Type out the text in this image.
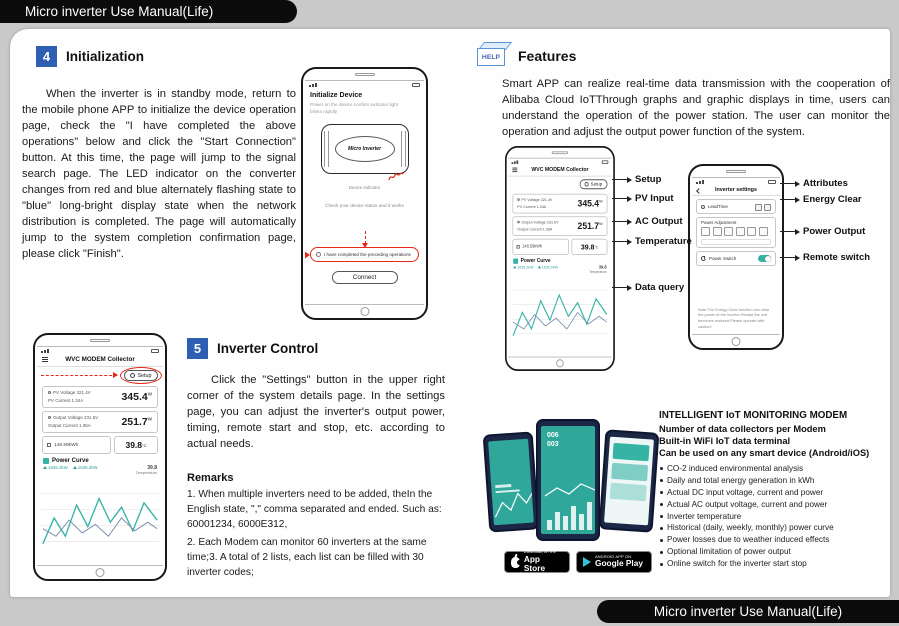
Micro inverter Use Manual(Life)
4	Initialization
When the inverter is in standby mode, return to the mobile phone APP to initialize the device operation page, check the "I have completed the above operations" below and click the "Start Connection" button. At this time, the page will jump to the signal search page. The LED indicator on the converter changes from red and blue alternately flashing state to "blue" long-bright display state when the network distribution is completed. The page will automatically jump to the system completion confirmation page, please click "Finish".
Initialize Device
Power on the device confirm indicator light blinks rapidly
Micro Inverter
Device indicator
Check your device status and it works
I have completed the preceding operations
Connect
WVC MODEM Collector
Setup
PV Voltage 321.4V
PV Current 1.34A	$345.4^W$
Output Voltage 231.6V
Output Current 1.36A	$251.7^W$
148.59kWh	39.8 °C
Power Curve
1635.2kW 1635.2kW	39.8
Temperature
5	Inverter Control
Click the "Settings" button in the upper right corner of the system details page. In the settings page, you can adjust the inverter's output power, timing, remote start and stop, etc. according to actual needs.
Remarks

1. When multiple inverters need to be added, theIn the English state, "," comma separated and ended. Such as: 60001234, 6000E312,

2. Each Modem can monitor 60 inverters at the same time;3. A total of 2 lists, each list can be filled with 30 inverter codes;

HELP	Features
Smart APP can realize real-time data transmission with the cooperation of Alibaba Cloud IoTThrough graphs and graphic displays in time, users can understand the operation of the power station. The user can monitor the operation and adjust the output power function of the system.
WVC MODEM Collector
Setup
PV Voltage 321.4V
PV Current 1.34A	$345.4^W$
Output Voltage 231.6V
Output Current 1.36A	$251.7^W$
148.59kWh	39.8 °C
Power Curve
1635.2kW 1635.2kW	39.8
Temperature
Setup
PV Input
AC Output
Temperature
Data query
Inverter settings
LeadTime
Power Adjustment
Power Switch
Note:The Energy Clear function can clear the power of the inverter.Restart the unit becomes restored.Please operate with caution!
Attributes
Energy Clear
Power Output
Remote switch
INTELLIGENT IoT MONITORING MODEM
Number of data collectors per Modem
Built-in WiFi IoT data terminal
Can be used on any smart device (Android/iOS)
CO-2 induced environmental analysis
Daily and total energy generation in kWh
Actual DC input voltage, current and power
Actual AC output voltage, current and power
Inverter temperature
Historical (daily, weekly, monthly) power curve
Power losses due to weather induced effects
Optional limitation of power output
Online switch for the inverter start stop
006
003
Download on the
App Store
ANDROID APP ON
Google Play
Micro inverter Use Manual(Life)
